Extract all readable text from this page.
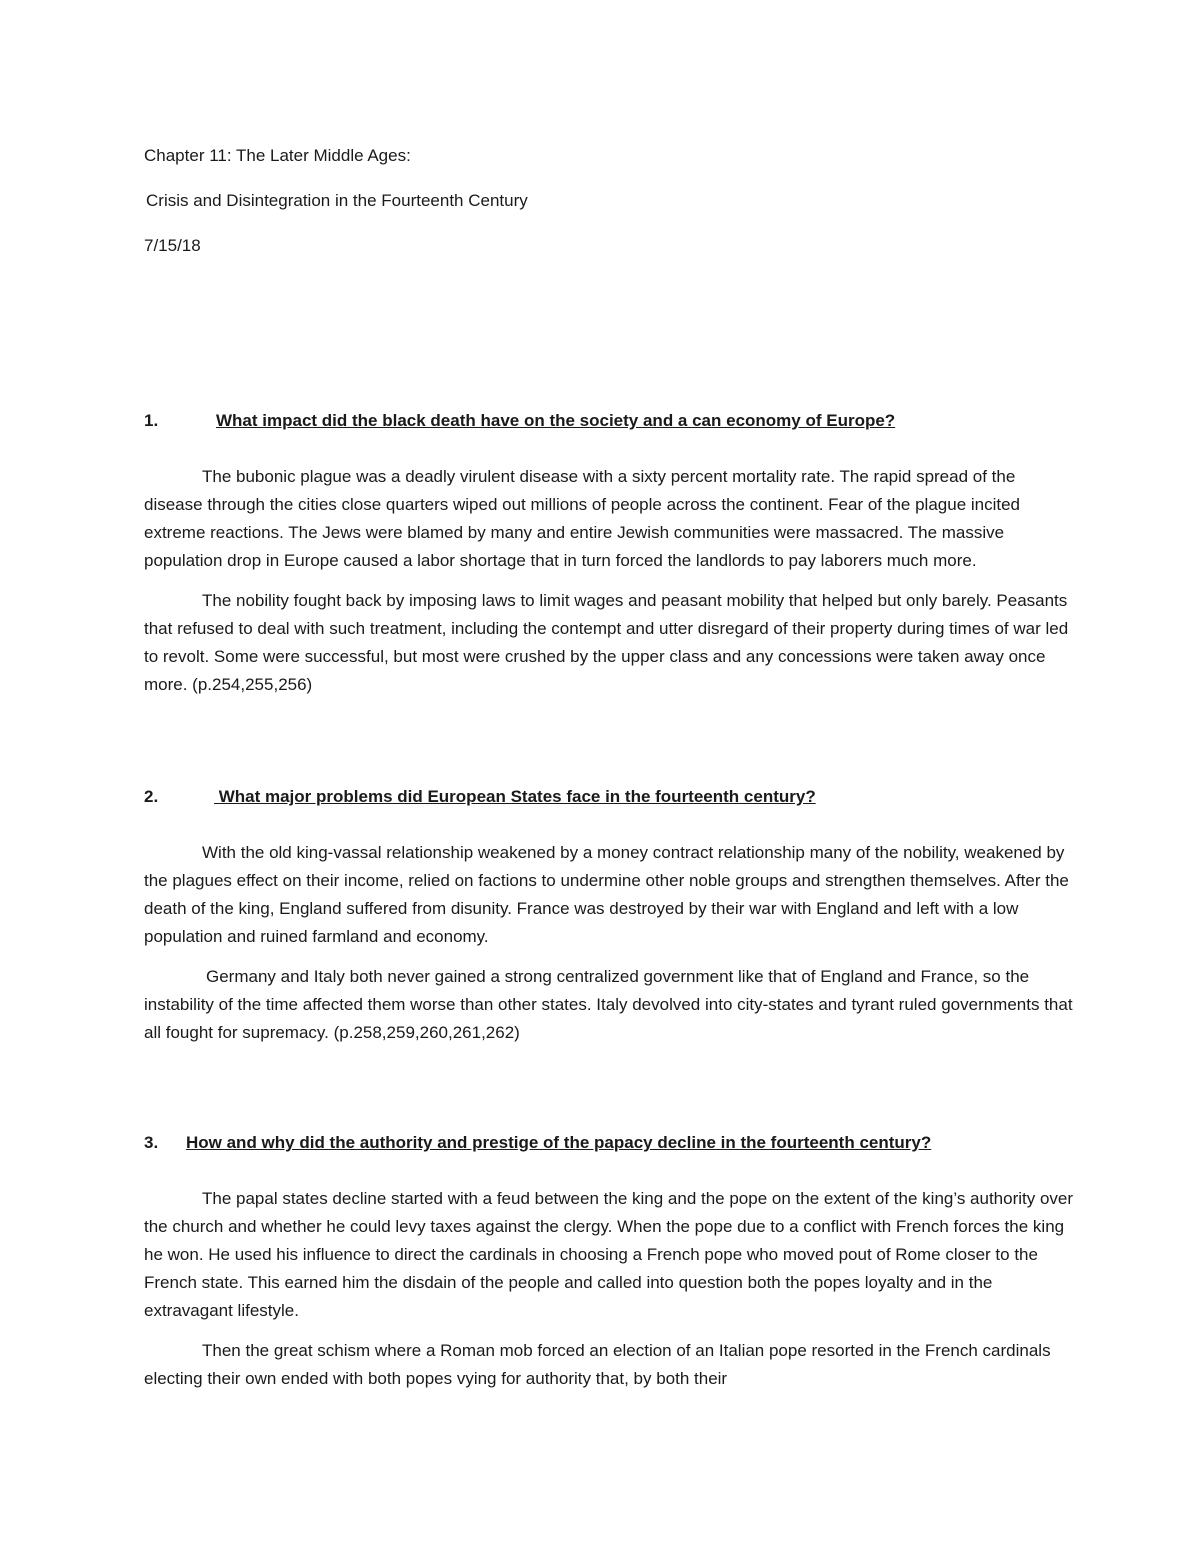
Chapter 11: The Later Middle Ages:
Crisis and Disintegration in the Fourteenth Century
7/15/18
1.	What impact did the black death have on the society and a can economy of Europe?

The bubonic plague was a deadly virulent disease with a sixty percent mortality rate. The rapid spread of the disease through the cities close quarters wiped out millions of people across the continent. Fear of the plague incited extreme reactions. The Jews were blamed by many and entire Jewish communities were massacred. The massive population drop in Europe caused a labor shortage that in turn forced the landlords to pay laborers much more.

The nobility fought back by imposing laws to limit wages and peasant mobility that helped but only barely. Peasants that refused to deal with such treatment, including the contempt and utter disregard of their property during times of war led to revolt. Some were successful, but most were crushed by the upper class and any concessions were taken away once more. (p.254,255,256)

2.	What major problems did European States face in the fourteenth century?

With the old king-vassal relationship weakened by a money contract relationship many of the nobility, weakened by the plagues effect on their income, relied on factions to undermine other noble groups and strengthen themselves. After the death of the king, England suffered from disunity. France was destroyed by their war with England and left with a low population and ruined farmland and economy.

Germany and Italy both never gained a strong centralized government like that of England and France, so the instability of the time affected them worse than other states. Italy devolved into city-states and tyrant ruled governments that all fought for supremacy. (p.258,259,260,261,262)

3.	How and why did the authority and prestige of the papacy decline in the fourteenth century?

The papal states decline started with a feud between the king and the pope on the extent of the king’s authority over the church and whether he could levy taxes against the clergy. When the pope due to a conflict with French forces the king he won. He used his influence to direct the cardinals in choosing a French pope who moved pout of Rome closer to the French state. This earned him the disdain of the people and called into question both the popes loyalty and in the extravagant lifestyle.

Then the great schism where a Roman mob forced an election of an Italian pope resorted in the French cardinals electing their own ended with both popes vying for authority that, by both their
